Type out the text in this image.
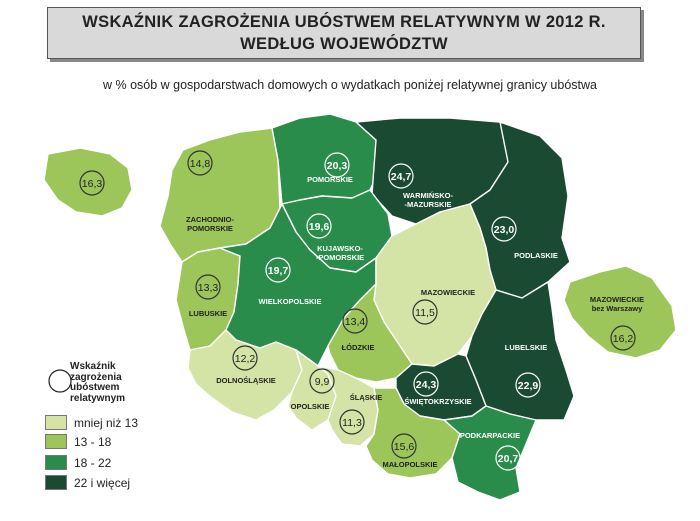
WSKAŹNIK ZAGROŻENIA UBÓSTWEM RELATYWNYM W 2012 R.
WEDŁUG WOJEWÓDZTW
w % osób w gospodarstwach domowych o wydatkach poniżej relatywnej granicy ubóstwa
14,8
ZACHODNIO-
POMORSKIE
20,3
POMORSKIE	24,7
WARMIŃSKO-
-MAZURSKIE
23,0
PODLASKIE
19,6
KUJAWSKO-
-POMORSKIE
13,3
LUBUSKIE
19,7
WIELKOPOLSKIE
11,5
MAZOWIECKIE
13,4
ŁÓDZKIE
22,9
LUBELSKIE
12,2
DOLNOŚLĄSKIE	9,9
OPOLSKIE
11,3
ŚLĄSKIE
24,3
ŚWIĘTOKRZYSKIE
15,6
MAŁOPOLSKIE	20,7
PODKARPACKIE
16,2
MAZOWIECKIE
bez Warszawy
16,3
Wskaźnik
zagrożenia
ubóstwem
relatywnym
mniej niż 13
13 - 18
18 - 22
22 i więcej
